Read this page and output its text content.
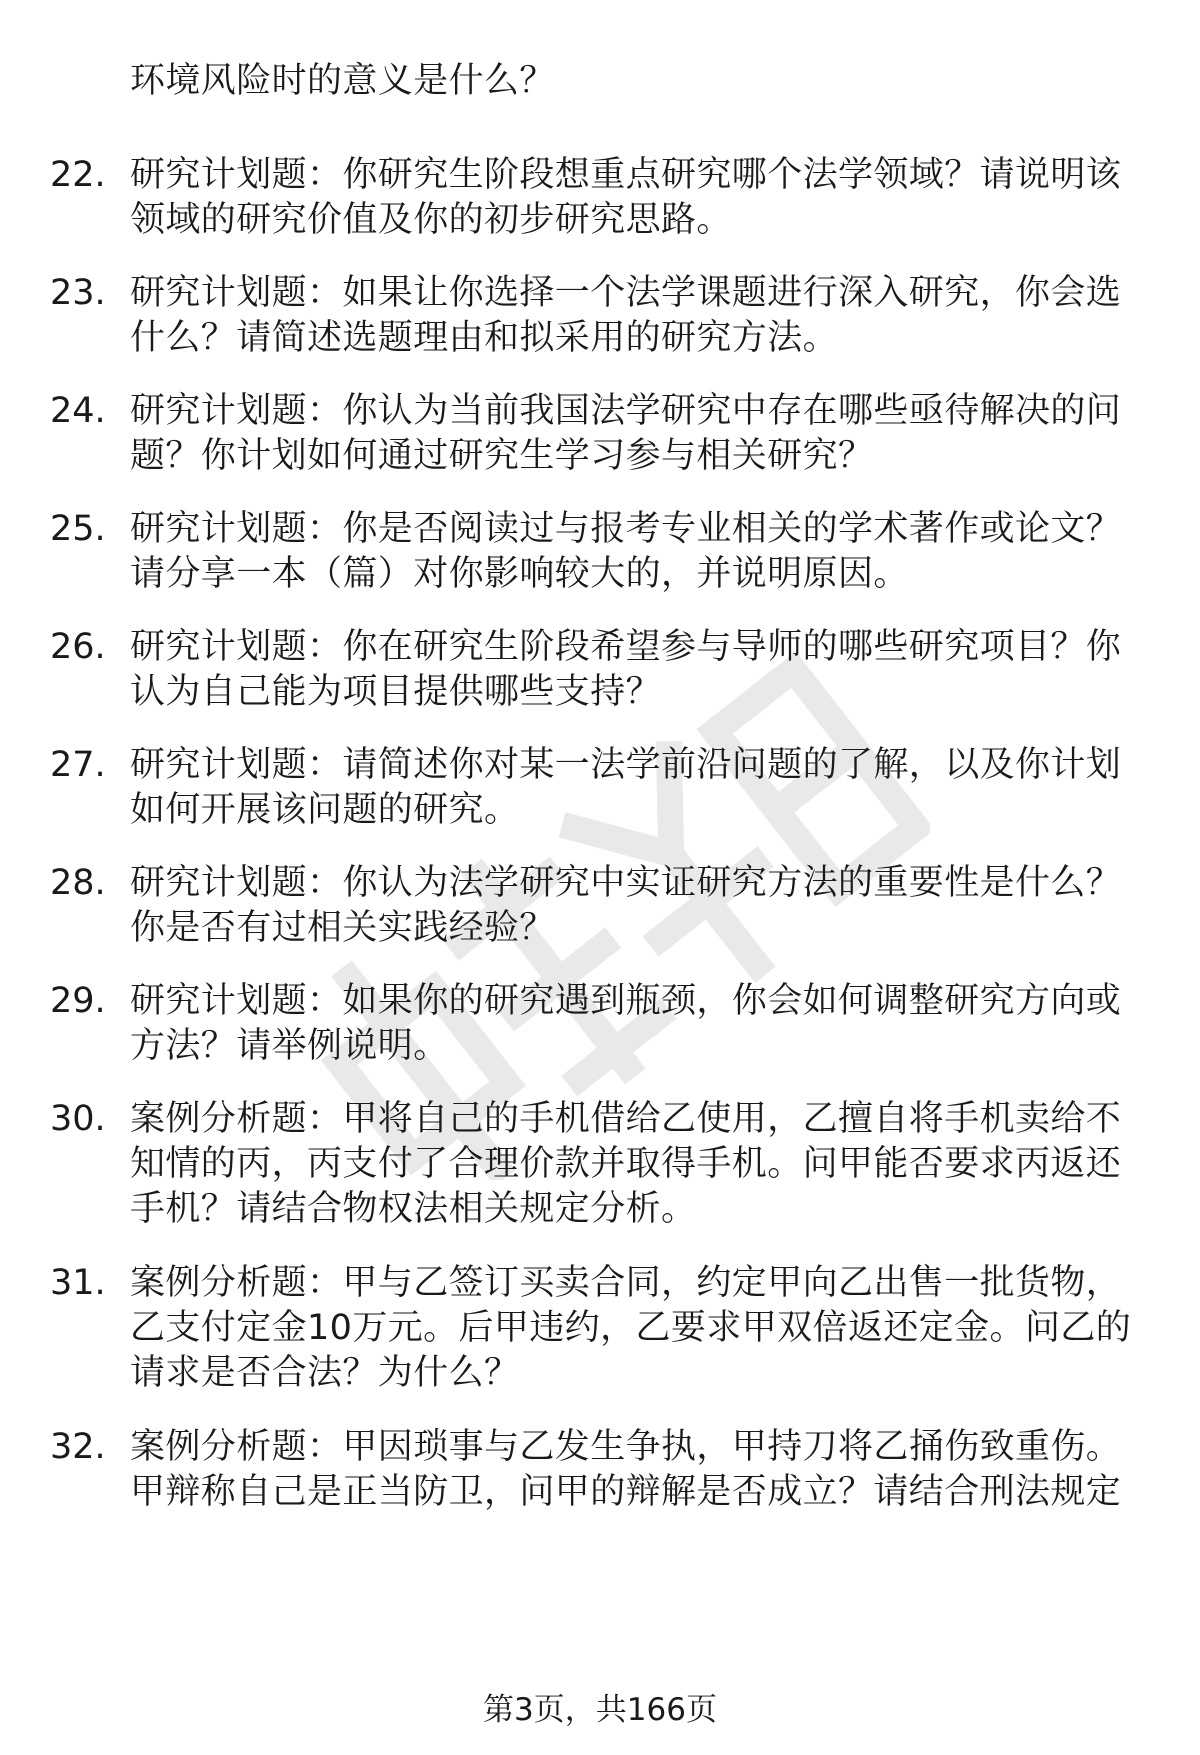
环境风险时的意义是什么？
22. 研究计划题：你研究生阶段想重点研究哪个法学领域？请说明该
领域的研究价值及你的初步研究思路。
23. 研究计划题：如果让你选择一个法学课题进行深入研究，你会选
什么？请简述选题理由和拟采用的研究方法。
24. 研究计划题：你认为当前我国法学研究中存在哪些亟待解决的问
题？你计划如何通过研究生学习参与相关研究？
25. 研究计划题：你是否阅读过与报考专业相关的学术著作或论文？
请分享一本（篇）对你影响较大的，并说明原因。
26. 研究计划题：你在研究生阶段希望参与导师的哪些研究项目？你
认为自己能为项目提供哪些支持？
27. 研究计划题：请简述你对某一法学前沿问题的了解，以及你计划
如何开展该问题的研究。
28. 研究计划题：你认为法学研究中实证研究方法的重要性是什么？
你是否有过相关实践经验？
29. 研究计划题：如果你的研究遇到瓶颈，你会如何调整研究方向或
方法？请举例说明。
30. 案例分析题：甲将自己的手机借给乙使用，乙擅自将手机卖给不
知情的丙，丙支付了合理价款并取得手机。问甲能否要求丙返还
手机？请结合物权法相关规定分析。
31. 案例分析题：甲与乙签订买卖合同，约定甲向乙出售一批货物，
乙支付定金10万元。后甲违约，乙要求甲双倍返还定金。问乙的
请求是否合法？为什么？
32. 案例分析题：甲因琐事与乙发生争执，甲持刀将乙捅伤致重伤。
甲辩称自己是正当防卫，问甲的辩解是否成立？请结合刑法规定
第3页，共166页
